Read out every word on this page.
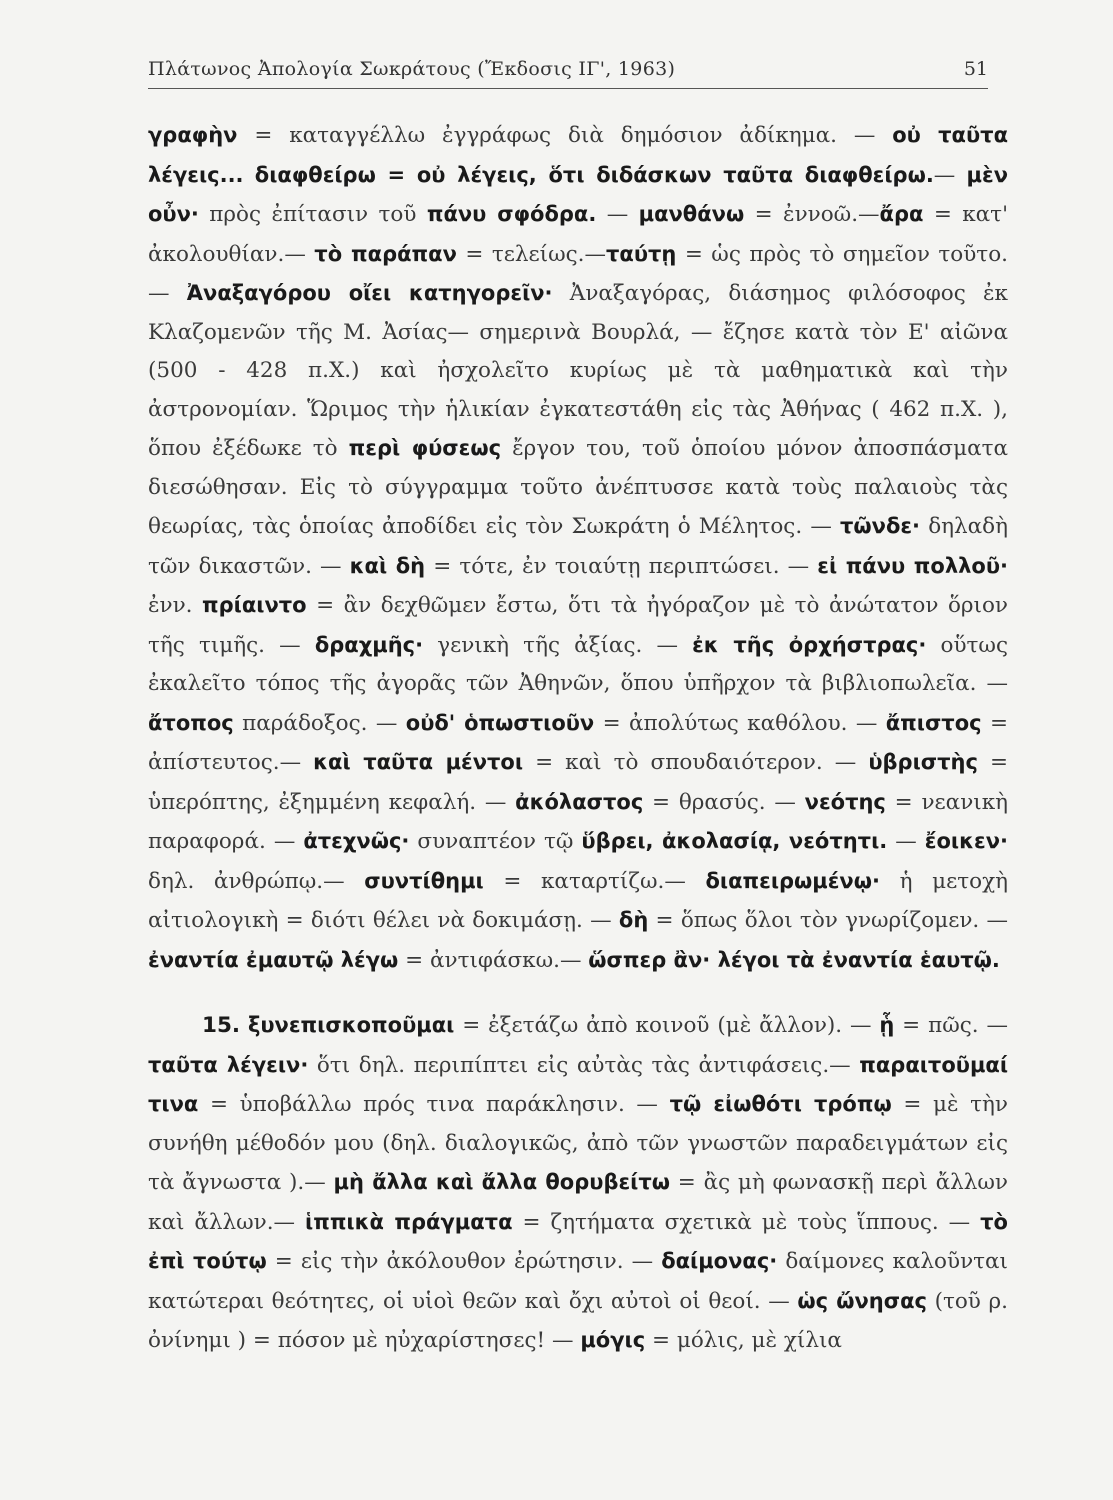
Πλάτωνος Ἀπολογία Σωκράτους (Ἔκδοσις ΙΓ', 1963)	51

γραφὴν = καταγγέλλω ἐγγράφως διὰ δημόσιον ἀδίκημα. — οὐ ταῦτα λέγεις... διαφθείρω = οὐ λέγεις, ὅτι διδάσκων ταῦτα διαφθείρω.— μὲν οὖν· πρὸς ἐπίτασιν τοῦ πάνυ σφόδρα. — μανθάνω = ἐννοῶ.—ἄρα = κατ' ἀκολουθίαν.— τὸ παράπαν = τελείως.—ταύτῃ = ὡς πρὸς τὸ σημεῖον τοῦτο. — Ἀναξαγόρου οἴει κατηγορεῖν· Ἀναξαγόρας, διάσημος φιλόσοφος ἐκ Κλαζομενῶν τῆς Μ. Ἀσίας— σημερινὰ Βουρλά, — ἔζησε κατὰ τὸν Ε' αἰῶνα (500 - 428 π.Χ.) καὶ ἠσχολεῖτο κυρίως μὲ τὰ μαθηματικὰ καὶ τὴν ἀστρονομίαν. Ὥριμος τὴν ἡλικίαν ἐγκατεστάθη εἰς τὰς Ἀθήνας ( 462 π.Χ. ), ὅπου ἐξέδωκε τὸ περὶ φύσεως ἔργον του, τοῦ ὁποίου μόνον ἀποσπάσματα διεσώθησαν. Εἰς τὸ σύγγραμμα τοῦτο ἀνέπτυσσε κατὰ τοὺς παλαιοὺς τὰς θεωρίας, τὰς ὁποίας ἀποδίδει εἰς τὸν Σωκράτη ὁ Μέλητος. — τῶνδε· δηλαδὴ τῶν δικαστῶν. — καὶ δὴ = τότε, ἐν τοιαύτῃ περιπτώσει. — εἰ πάνυ πολλοῦ· ἐνν. πρίαιντο = ἂν δεχθῶμεν ἔστω, ὅτι τὰ ἠγόραζον μὲ τὸ ἀνώτατον ὅριον τῆς τιμῆς. — δραχμῆς· γενικὴ τῆς ἀξίας. — ἐκ τῆς ὀρχήστρας· οὕτως ἐκαλεῖτο τόπος τῆς ἀγορᾶς τῶν Ἀθηνῶν, ὅπου ὑπῆρχον τὰ βιβλιοπωλεῖα. — ἄτοπος παράδοξος. — οὐδ' ὁπωστιοῦν = ἀπολύτως καθόλου. — ἄπιστος = ἀπίστευτος.— καὶ ταῦτα μέντοι = καὶ τὸ σπουδαιότερον. — ὑβριστὴς = ὑπερόπτης, ἐξημμένη κεφαλή. — ἀκόλαστος = θρασύς. — νεότης = νεανικὴ παραφορά. — ἀτεχνῶς· συναπτέον τῷ ὕβρει, ἀκολασίᾳ, νεότητι. — ἔοικεν· δηλ. ἀνθρώπῳ.— συντίθημι = καταρτίζω.— διαπειρωμένῳ· ἡ μετοχὴ αἰτιολογικὴ = διότι θέλει νὰ δοκιμάσῃ. — δὴ = ὅπως ὅλοι τὸν γνωρίζομεν. — ἐναντία ἐμαυτῷ λέγω = ἀντιφάσκω.— ὥσπερ ἂν· λέγοι τὰ ἐναντία ἑαυτῷ.

15. ξυνεπισκοποῦμαι = ἐξετάζω ἀπὸ κοινοῦ (μὲ ἄλλον). — ᾗ = πῶς. — ταῦτα λέγειν· ὅτι δηλ. περιπίπτει εἰς αὐτὰς τὰς ἀντιφάσεις.— παραιτοῦμαί τινα = ὑποβάλλω πρός τινα παράκλησιν. — τῷ εἰωθότι τρόπῳ = μὲ τὴν συνήθη μέθοδόν μου (δηλ. διαλογικῶς, ἀπὸ τῶν γνωστῶν παραδειγμάτων εἰς τὰ ἄγνωστα ).— μὴ ἄλλα καὶ ἄλλα θορυβείτω = ἂς μὴ φωνασκῇ περὶ ἄλλων καὶ ἄλλων.— ἱππικὰ πράγματα = ζητήματα σχετικὰ μὲ τοὺς ἵππους. — τὸ ἐπὶ τούτῳ = εἰς τὴν ἀκόλουθον ἐρώτησιν. — δαίμονας· δαίμονες καλοῦνται κατώτεραι θεότητες, οἱ υἱοὶ θεῶν καὶ ὄχι αὐτοὶ οἱ θεοί. — ὡς ὤνησας (τοῦ ρ. ὀνίνημι ) = πόσον μὲ ηὐχαρίστησες! — μόγις = μόλις, μὲ χίλια
